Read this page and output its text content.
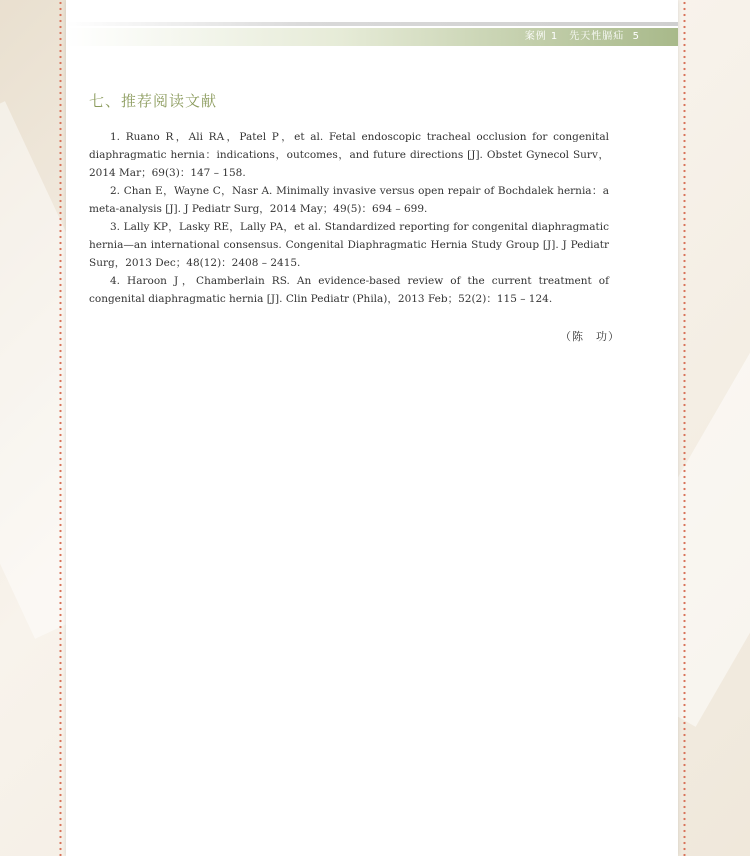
案例 1　先天性膈疝 5
七、推荐阅读文献

1. Ruano R，Ali RA，Patel P，et al. Fetal endoscopic tracheal occlusion for congenital diaphragmatic hernia：indications，outcomes，and future directions [J]. Obstet Gynecol Surv，2014 Mar；69(3)：147 – 158.

2. Chan E，Wayne C，Nasr A. Minimally invasive versus open repair of Bochdalek hernia：a meta-analysis [J]. J Pediatr Surg，2014 May；49(5)：694 – 699.

3. Lally KP，Lasky RE，Lally PA，et al. Standardized reporting for congenital diaphragmatic hernia—an international consensus. Congenital Diaphragmatic Hernia Study Group [J]. J Pediatr Surg，2013 Dec；48(12)：2408 – 2415.

4. Haroon J，Chamberlain RS. An evidence-based review of the current treatment of congenital diaphragmatic hernia [J]. Clin Pediatr (Phila)，2013 Feb；52(2)：115 – 124.

（陈　功）
